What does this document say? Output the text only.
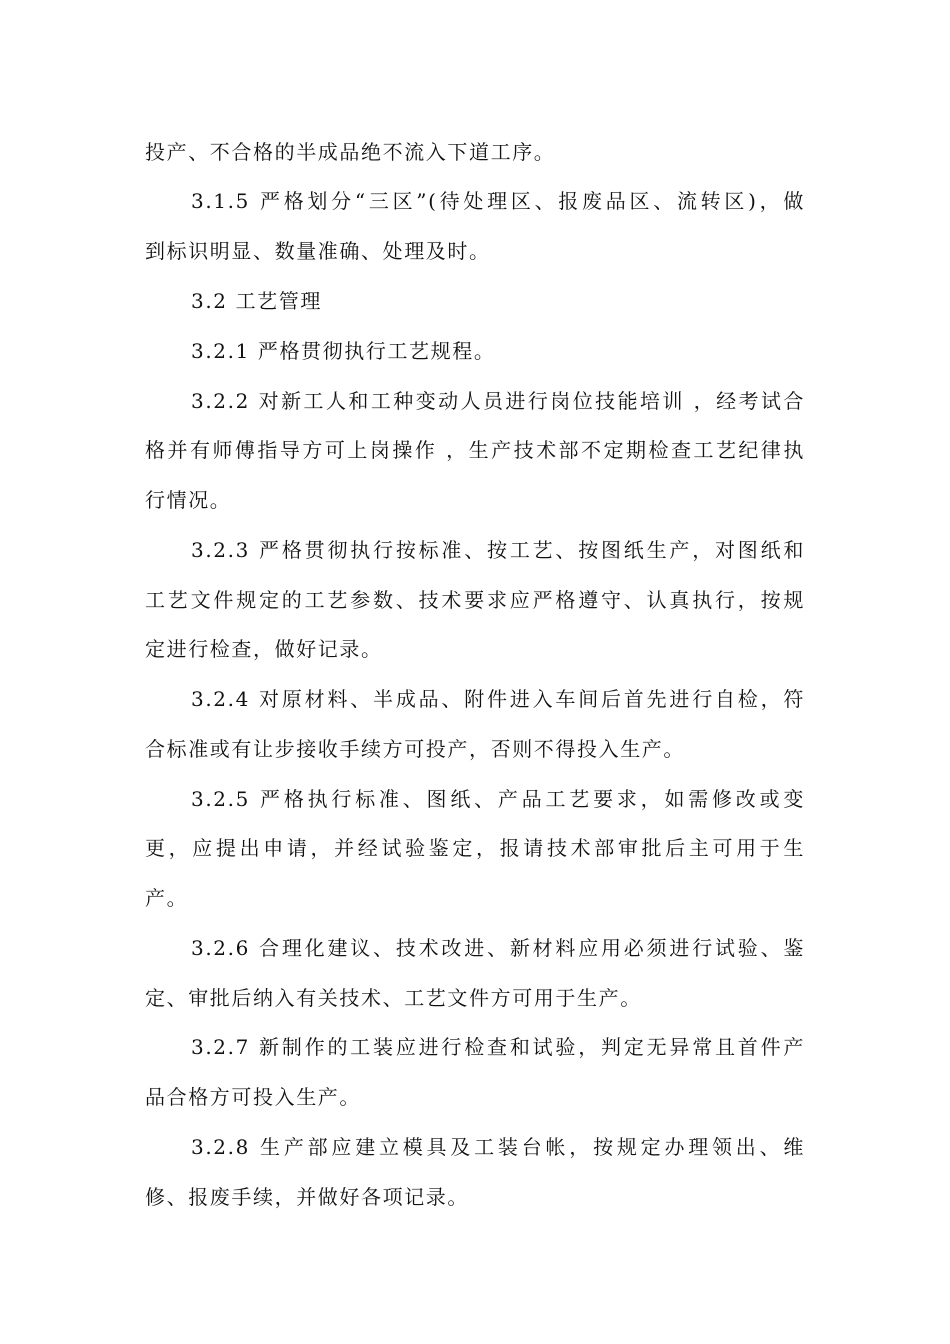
投产、不合格的半成品绝不流入下道工序。
3.1.5 严格划分“三区”(待处理区、报废品区、流转区)，做
到标识明显、数量准确、处理及时。
3.2 工艺管理
3.2.1 严格贯彻执行工艺规程。
3.2.2 对新工人和工种变动人员进行岗位技能培训 ，经考试合
格并有师傅指导方可上岗操作 ，生产技术部不定期检查工艺纪律执
行情况。
3.2.3 严格贯彻执行按标准、按工艺、按图纸生产，对图纸和
工艺文件规定的工艺参数、技术要求应严格遵守、认真执行，按规
定进行检查，做好记录。
3.2.4 对原材料、半成品、附件进入车间后首先进行自检，符
合标准或有让步接收手续方可投产，否则不得投入生产。
3.2.5 严格执行标准、图纸、产品工艺要求，如需修改或变
更，应提出申请，并经试验鉴定，报请技术部审批后主可用于生
产。
3.2.6 合理化建议、技术改进、新材料应用必须进行试验、鉴
定、审批后纳入有关技术、工艺文件方可用于生产。
3.2.7 新制作的工装应进行检查和试验，判定无异常且首件产
品合格方可投入生产。
3.2.8 生产部应建立模具及工装台帐，按规定办理领出、维
修、报废手续，并做好各项记录。
